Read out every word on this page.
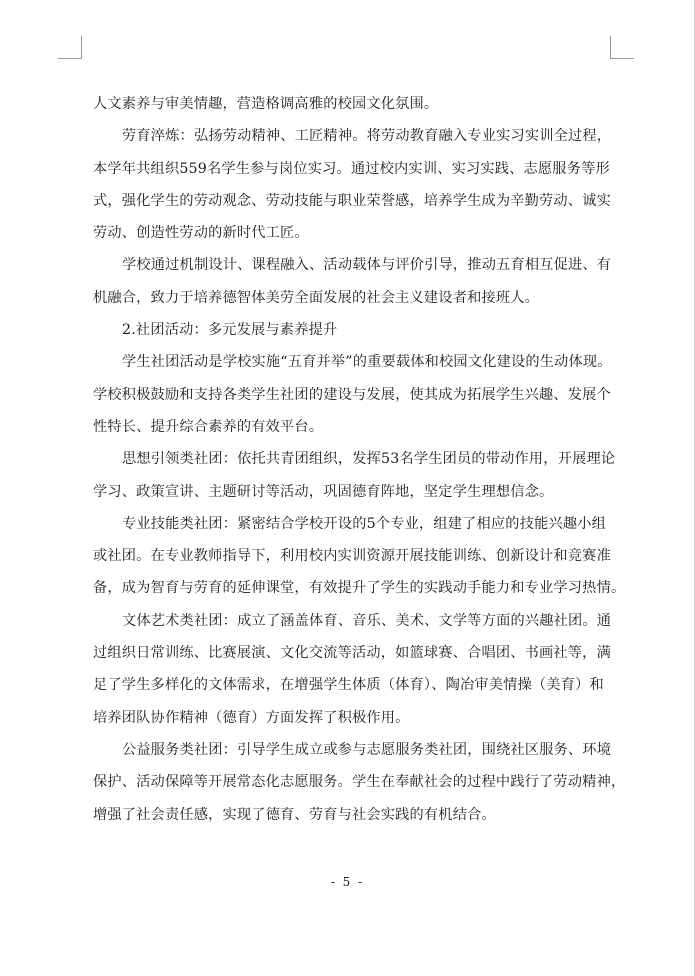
人文素养与审美情趣，营造格调高雅的校园文化氛围。
劳育淬炼：弘扬劳动精神、工匠精神。将劳动教育融入专业实习实训全过程，
本学年共组织559名学生参与岗位实习。通过校内实训、实习实践、志愿服务等形
式，强化学生的劳动观念、劳动技能与职业荣誉感，培养学生成为辛勤劳动、诚实
劳动、创造性劳动的新时代工匠。
学校通过机制设计、课程融入、活动载体与评价引导，推动五育相互促进、有
机融合，致力于培养德智体美劳全面发展的社会主义建设者和接班人。
2.社团活动：多元发展与素养提升
学生社团活动是学校实施“五育并举”的重要载体和校园文化建设的生动体现。
学校积极鼓励和支持各类学生社团的建设与发展，使其成为拓展学生兴趣、发展个
性特长、提升综合素养的有效平台。
思想引领类社团：依托共青团组织，发挥53名学生团员的带动作用，开展理论
学习、政策宣讲、主题研讨等活动，巩固德育阵地，坚定学生理想信念。
专业技能类社团：紧密结合学校开设的5个专业，组建了相应的技能兴趣小组
或社团。在专业教师指导下，利用校内实训资源开展技能训练、创新设计和竞赛准
备，成为智育与劳育的延伸课堂，有效提升了学生的实践动手能力和专业学习热情。
文体艺术类社团：成立了涵盖体育、音乐、美术、文学等方面的兴趣社团。通
过组织日常训练、比赛展演、文化交流等活动，如篮球赛、合唱团、书画社等，满
足了学生多样化的文体需求，在增强学生体质（体育）、陶冶审美情操（美育）和
培养团队协作精神（德育）方面发挥了积极作用。
公益服务类社团：引导学生成立或参与志愿服务类社团，围绕社区服务、环境
保护、活动保障等开展常态化志愿服务。学生在奉献社会的过程中践行了劳动精神，
增强了社会责任感，实现了德育、劳育与社会实践的有机结合。
- 5 -
